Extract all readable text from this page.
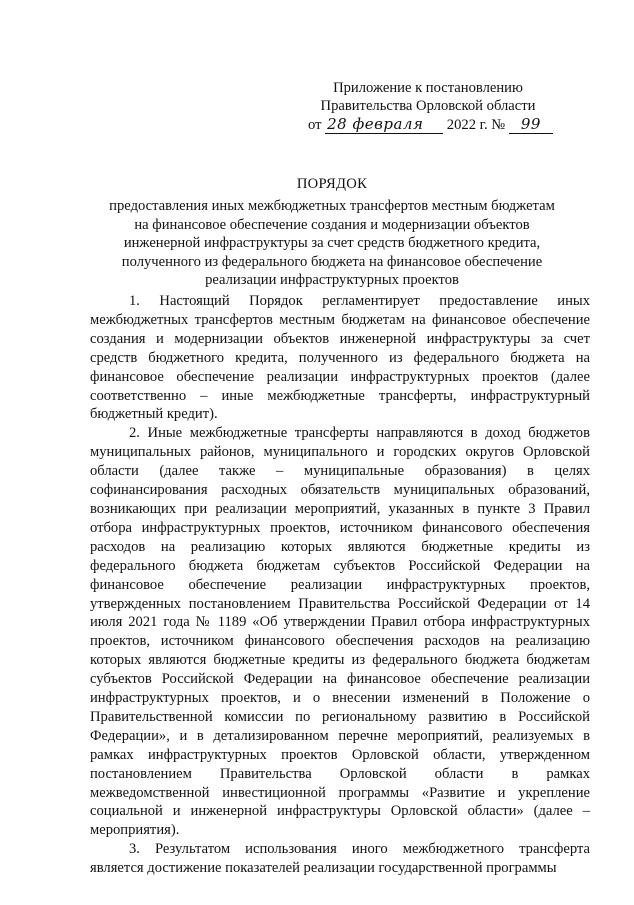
Приложение к постановлению
Правительства Орловской области
от 28 февраля 2022 г. № 99
ПОРЯДОК
предоставления иных межбюджетных трансфертов местным бюджетам
на финансовое обеспечение создания и модернизации объектов
инженерной инфраструктуры за счет средств бюджетного кредита,
полученного из федерального бюджета на финансовое обеспечение
реализации инфраструктурных проектов

1. Настоящий Порядок регламентирует предоставление иных межбюджетных трансфертов местным бюджетам на финансовое обеспечение создания и модернизации объектов инженерной инфраструктуры за счет средств бюджетного кредита, полученного из федерального бюджета на финансовое обеспечение реализации инфраструктурных проектов (далее соответственно – иные межбюджетные трансферты, инфраструктурный бюджетный кредит).

2. Иные межбюджетные трансферты направляются в доход бюджетов муниципальных районов, муниципального и городских округов Орловской области (далее также – муниципальные образования) в целях софинансирования расходных обязательств муниципальных образований, возникающих при реализации мероприятий, указанных в пункте 3 Правил отбора инфраструктурных проектов, источником финансового обеспечения расходов на реализацию которых являются бюджетные кредиты из федерального бюджета бюджетам субъектов Российской Федерации на финансовое обеспечение реализации инфраструктурных проектов, утвержденных постановлением Правительства Российской Федерации от 14 июля 2021 года № 1189 «Об утверждении Правил отбора инфраструктурных проектов, источником финансового обеспечения расходов на реализацию которых являются бюджетные кредиты из федерального бюджета бюджетам субъектов Российской Федерации на финансовое обеспечение реализации инфраструктурных проектов, и о внесении изменений в Положение о Правительственной комиссии по региональному развитию в Российской Федерации», и в детализированном перечне мероприятий, реализуемых в рамках инфраструктурных проектов Орловской области, утвержденном постановлением Правительства Орловской области в рамках межведомственной инвестиционной программы «Развитие и укрепление социальной и инженерной инфраструктуры Орловской области» (далее – мероприятия).

3. Результатом использования иного межбюджетного трансферта является достижение показателей реализации государственной программы
